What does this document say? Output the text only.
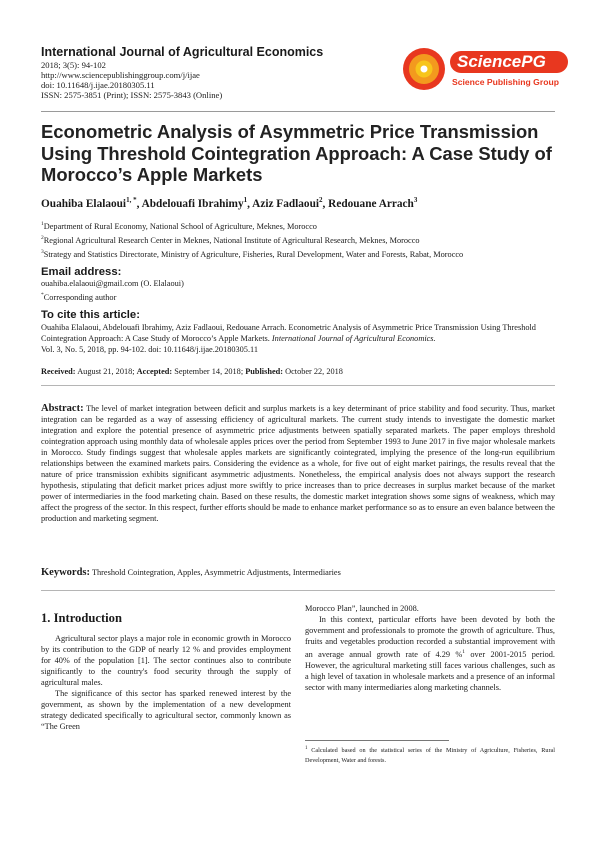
International Journal of Agricultural Economics
2018; 3(5): 94-102
http://www.sciencepublishinggroup.com/j/ijae
doi: 10.11648/j.ijae.20180305.11
ISSN: 2575-3851 (Print); ISSN: 2575-3843 (Online)
SciencePG
Science Publishing Group
Econometric Analysis of Asymmetric Price Transmission Using Threshold Cointegration Approach: A Case Study of Morocco’s Apple Markets
Ouahiba Elalaoui$^{1, *}$, Abdelouafi Ibrahimy$^1$, Aziz Fadlaoui$^2$, Redouane Arrach$^3$
$^1$Department of Rural Economy, National School of Agriculture, Meknes, Morocco
$^2$Regional Agricultural Research Center in Meknes, National Institute of Agricultural Research, Meknes, Morocco
$^3$Strategy and Statistics Directorate, Ministry of Agriculture, Fisheries, Rural Development, Water and Forests, Rabat, Morocco
Email address:
ouahiba.elalaoui@gmail.com (O. Elalaoui)
*Corresponding author
To cite this article:
Ouahiba Elalaoui, Abdelouafi Ibrahimy, Aziz Fadlaoui, Redouane Arrach. Econometric Analysis of Asymmetric Price Transmission Using Threshold Cointegration Approach: A Case Study of Morocco’s Apple Markets. International Journal of Agricultural Economics.
Vol. 3, No. 5, 2018, pp. 94-102. doi: 10.11648/j.ijae.20180305.11
Received: August 21, 2018; Accepted: September 14, 2018; Published: October 22, 2018
Abstract: The level of market integration between deficit and surplus markets is a key determinant of price stability and food security. Thus, market integration can be regarded as a way of assessing efficiency of agricultural markets. The current study intends to investigate the domestic market integration and explore the potential presence of asymmetric price adjustments between spatially separated markets. The paper employs threshold cointegration approach using monthly data of wholesale apples prices over the period from September 1993 to June 2017 in five major wholesale markets in Morocco. Study findings suggest that wholesale apples markets are significantly cointegrated, implying the presence of the long-run equilibrium relationships between the examined markets pairs. Considering the evidence as a whole, for five out of eight market pairings, the results reveal that the nature of price transmission exhibits significant asymmetric adjustments. Nonetheless, the empirical analysis does not always support the research hypothesis, stipulating that deficit market prices adjust more swiftly to price increases than to price decreases in surplus market because of the market power of intermediaries in the food marketing chain. Based on these results, the domestic market integration shows some signs of weakness, which may affect the progress of the sector. In this respect, further efforts should be made to enhance market performance so as to ensure an even balance between the production and marketing segment.
Keywords: Threshold Cointegration, Apples, Asymmetric Adjustments, Intermediaries
1. Introduction

Agricultural sector plays a major role in economic growth in Morocco by its contribution to the GDP of nearly 12 % and provides employment for 40% of the population [1]. The sector continues also to contribute significantly to the country's food security through the supply of agricultural males.

The significance of this sector has sparked renewed interest by the government, as shown by the implementation of a new development strategy dedicated specifically to agricultural sector, commonly known as “The Green

Morocco Plan”, launched in 2008.

In this context, particular efforts have been devoted by both the government and professionals to promote the growth of agriculture. Thus, fruits and vegetables production recorded a substantial improvement with an average annual growth rate of 4.29 %$^1$ over 2001-2015 period. However, the agricultural marketing still faces various challenges, such as a high level of taxation in wholesale markets and a presence of an informal sector with many intermediaries along marketing channels.

$^1$ Calculated based on the statistical series of the Ministry of Agriculture, Fisheries, Rural Development, Water and forests.
